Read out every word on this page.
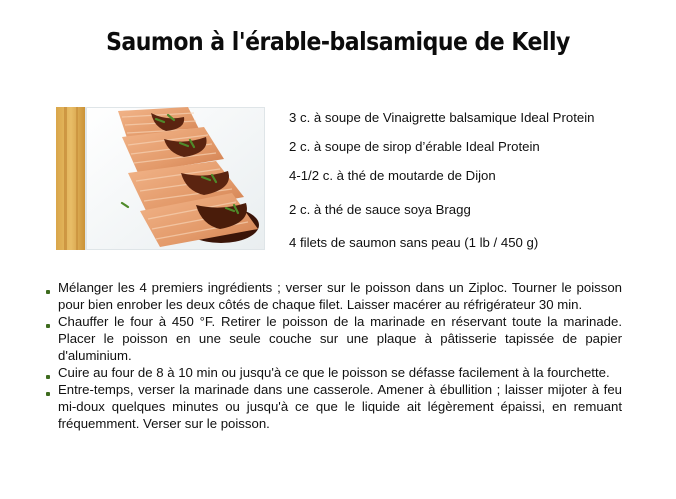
Saumon à l'érable-balsamique de Kelly
3 c. à soupe de Vinaigrette balsamique Ideal Protein
2 c. à soupe de sirop d’érable Ideal Protein
4-1/2 c. à thé de moutarde de Dijon
2 c. à thé de sauce soya Bragg
4 filets de saumon sans peau (1 lb / 450 g)
Mélanger les 4 premiers ingrédients ; verser sur le poisson dans un Ziploc. Tourner le poisson pour bien enrober les deux côtés de chaque filet. Laisser macérer au réfrigérateur 30 min.
Chauffer le four à 450 °F. Retirer le poisson de la marinade en réservant toute la marinade. Placer le poisson en une seule couche sur une plaque à pâtisserie tapissée de papier d'aluminium.
Cuire au four de 8 à 10 min ou jusqu'à ce que le poisson se défasse facilement à la fourchette.
Entre-temps, verser la marinade dans une casserole. Amener à ébullition ; laisser mijoter à feu mi-doux quelques minutes ou jusqu'à ce que le liquide ait légèrement épaissi, en remuant fréquemment. Verser sur le poisson.
